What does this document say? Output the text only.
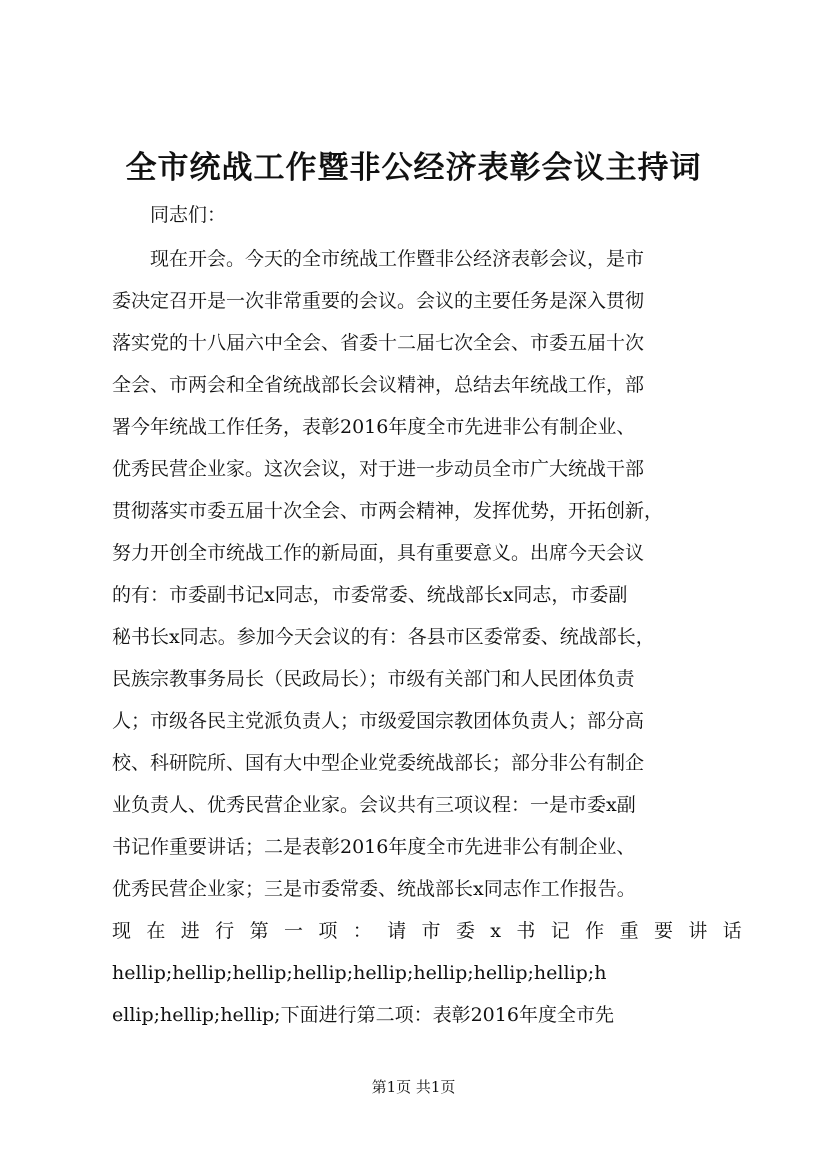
全市统战工作暨非公经济表彰会议主持词

同志们：

现在开会。今天的全市统战工作暨非公经济表彰会议，是市
委决定召开是一次非常重要的会议。会议的主要任务是深入贯彻
落实党的十八届六中全会、省委十二届七次全会、市委五届十次
全会、市两会和全省统战部长会议精神，总结去年统战工作，部
署今年统战工作任务，表彰2016年度全市先进非公有制企业、
优秀民营企业家。这次会议，对于进一步动员全市广大统战干部
贯彻落实市委五届十次全会、市两会精神，发挥优势，开拓创新，
努力开创全市统战工作的新局面，具有重要意义。出席今天会议
的有：市委副书记x同志，市委常委、统战部长x同志，市委副
秘书长x同志。参加今天会议的有：各县市区委常委、统战部长，
民族宗教事务局长（民政局长）；市级有关部门和人民团体负责
人；市级各民主党派负责人；市级爱国宗教团体负责人；部分高
校、科研院所、国有大中型企业党委统战部长；部分非公有制企
业负责人、优秀民营企业家。会议共有三项议程：一是市委x副
书记作重要讲话；二是表彰2016年度全市先进非公有制企业、
优秀民营企业家；三是市委常委、统战部长x同志作工作报告。
现 在 进 行 第 一 项 ： 请 市 委 x 书 记 作 重 要 讲 话
hellip;hellip;hellip;hellip;hellip;hellip;hellip;hellip;h
ellip;hellip;hellip;下面进行第二项：表彰2016年度全市先

第1页 共1页
